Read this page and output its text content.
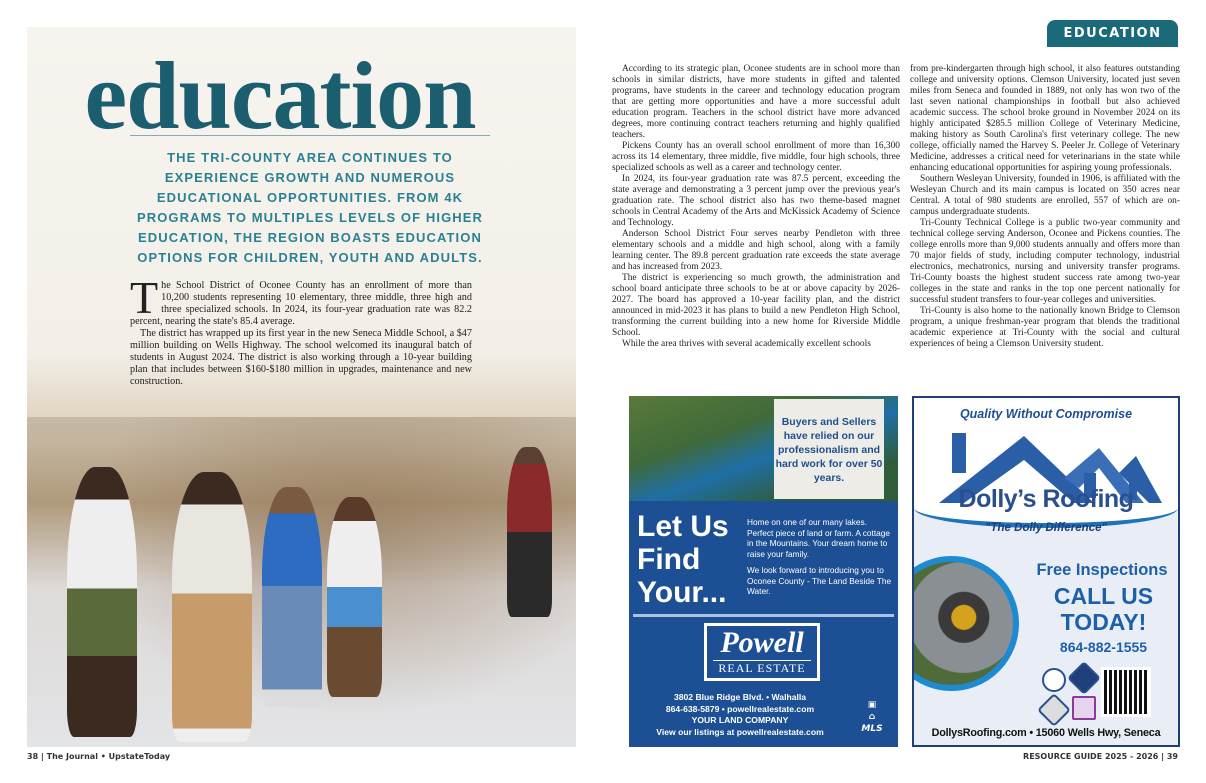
education
THE TRI-COUNTY AREA CONTINUES TO EXPERIENCE GROWTH AND NUMEROUS EDUCATIONAL OPPORTUNITIES. FROM 4K PROGRAMS TO MULTIPLES LEVELS OF HIGHER EDUCATION, THE REGION BOASTS EDUCATION OPTIONS FOR CHILDREN, YOUTH AND ADULTS.

The School District of Oconee County has an enrollment of more than 10,200 students representing 10 elementary, three middle, three high and three specialized schools. In 2024, its four-year graduation rate was 82.2 percent, nearing the state's 85.4 average.

The district has wrapped up its first year in the new Seneca Middle School, a $47 million building on Wells Highway. The school welcomed its inaugural batch of students in August 2024. The district is also working through a 10-year building plan that includes between $160-$180 million in upgrades, maintenance and new construction.

38 | The Journal • UpstateToday
EDUCATION

According to its strategic plan, Oconee students are in school more than schools in similar districts, have more students in gifted and talented programs, have students in the career and technology education program that are getting more opportunities and have a more successful adult education program. Teachers in the school district have more advanced degrees, more continuing contract teachers returning and highly qualified teachers.

Pickens County has an overall school enrollment of more than 16,300 across its 14 elementary, three middle, five middle, four high schools, three specialized schools as well as a career and technology center.

In 2024, its four-year graduation rate was 87.5 percent, exceeding the state average and demonstrating a 3 percent jump over the previous year's graduation rate. The school district also has two theme-based magnet schools in Central Academy of the Arts and McKissick Academy of Science and Technology.

Anderson School District Four serves nearby Pendleton with three elementary schools and a middle and high school, along with a family learning center. The 89.8 percent graduation rate exceeds the state average and has increased from 2023.

The district is experiencing so much growth, the administration and school board anticipate three schools to be at or above capacity by 2026-2027. The board has approved a 10-year facility plan, and the district announced in mid-2023 it has plans to build a new Pendleton High School, transforming the current building into a new home for Riverside Middle School.

While the area thrives with several academically excellent schools

from pre-kindergarten through high school, it also features outstanding college and university options. Clemson University, located just seven miles from Seneca and founded in 1889, not only has won two of the last seven national championships in football but also achieved academic success. The school broke ground in November 2024 on its highly anticipated $285.5 million College of Veterinary Medicine, making history as South Carolina's first veterinary college. The new college, officially named the Harvey S. Peeler Jr. College of Veterinary Medicine, addresses a critical need for veterinarians in the state while enhancing educational opportunities for aspiring young professionals.

Southern Wesleyan University, founded in 1906, is affiliated with the Wesleyan Church and its main campus is located on 350 acres near Central. A total of 980 students are enrolled, 557 of which are on-campus undergraduate students.

Tri-County Technical College is a public two-year community and technical college serving Anderson, Oconee and Pickens counties. The college enrolls more than 9,000 students annually and offers more than 70 major fields of study, including computer technology, industrial electronics, mechatronics, nursing and university transfer programs. Tri-County boasts the highest student success rate among two-year colleges in the state and ranks in the top one percent nationally for successful student transfers to four-year colleges and universities.

Tri-County is also home to the nationally known Bridge to Clemson program, a unique freshman-year program that blends the traditional academic experience at Tri-County with the social and cultural experiences of being a Clemson University student.

Buyers and Sellers have relied on our professionalism and hard work for over 50 years.
Let Us
Find
Your...

Home on one of our many lakes. Perfect piece of land or farm. A cottage in the Mountains. Your dream home to raise your family.

We look forward to introducing you to Oconee County - The Land Beside The Water.

Powell
REAL ESTATE
3802 Blue Ridge Blvd. • Walhalla
864-638-5879 • powellrealestate.com
YOUR LAND COMPANY
View our listings at powellrealestate.com
▣
⌂
MLS
Quality Without Compromise
Dolly’s Roofing
"The Dolly Difference"
Free Inspections
CALL US TODAY!
864-882-1555
DollysRoofing.com • 15060 Wells Hwy, Seneca
RESOURCE GUIDE 2025 - 2026 | 39
